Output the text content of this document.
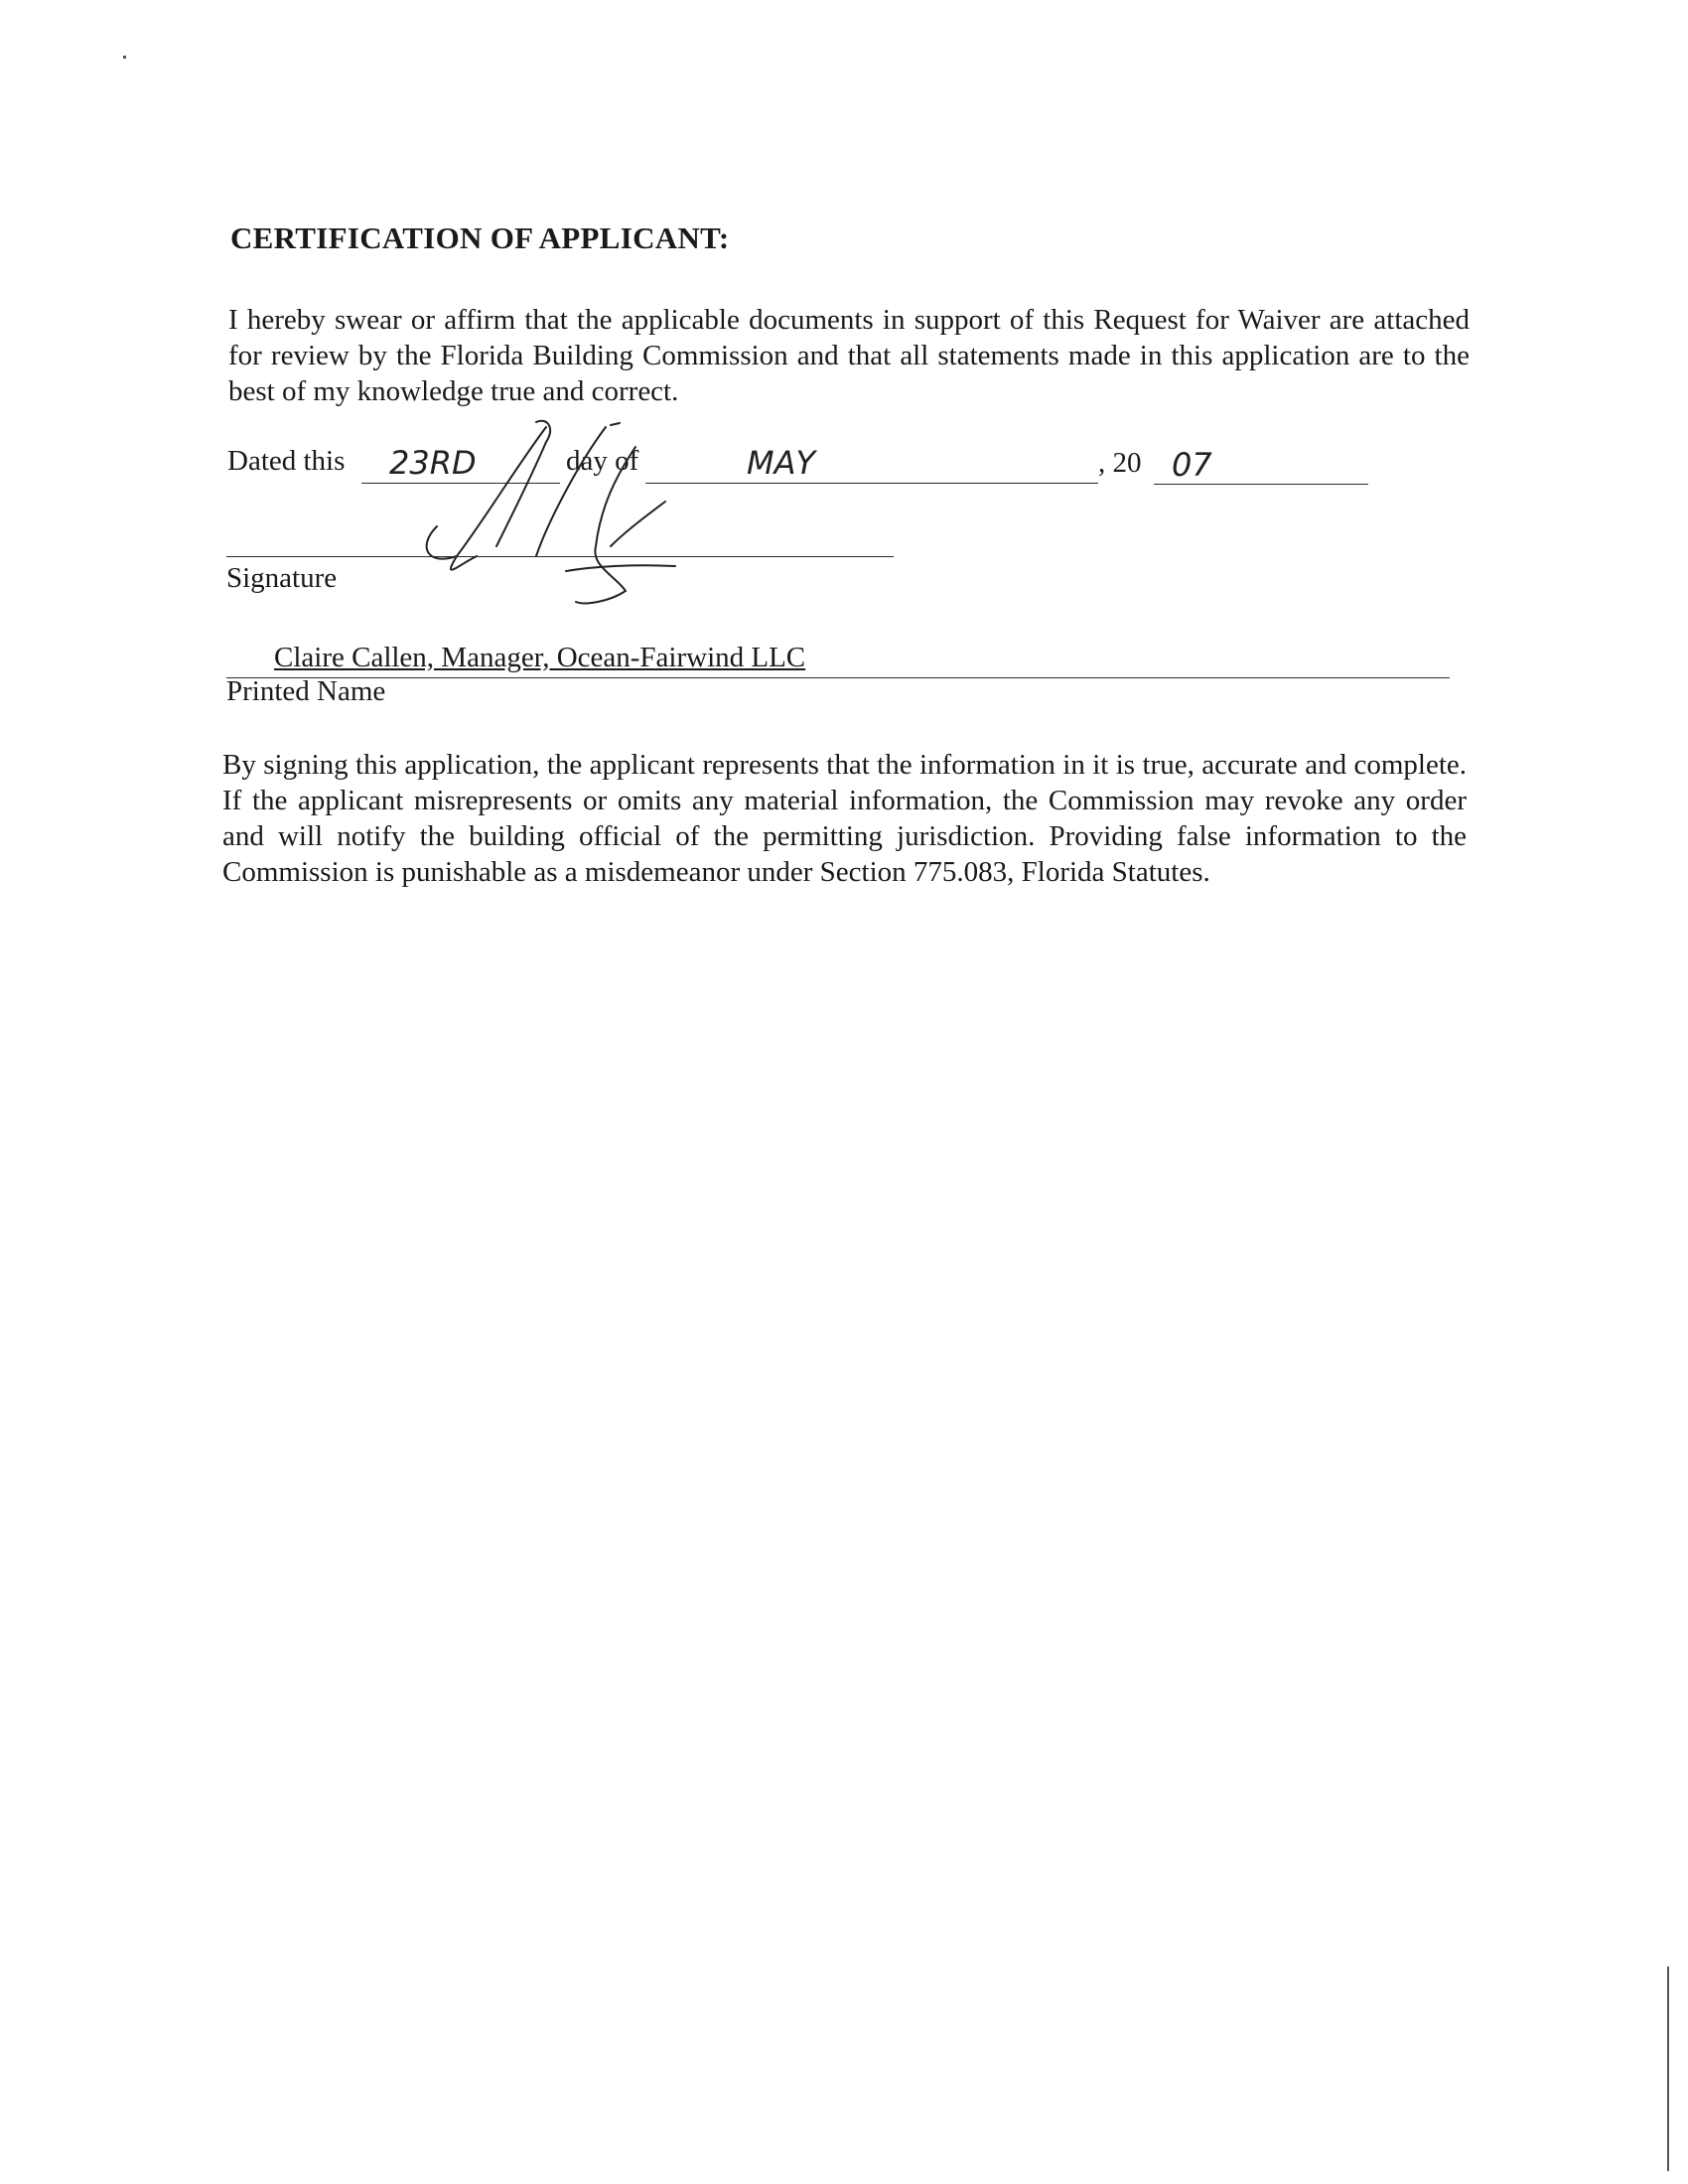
CERTIFICATION OF APPLICANT:
I hereby swear or affirm that the applicable documents in support of this Request for Waiver are attached for review by the Florida Building Commission and that all statements made in this application are to the best of my knowledge true and correct.
Dated this 23RD	day of	MAY	, 20 07
Signature
Claire Callen, Manager, Ocean-Fairwind LLC
Printed Name
By signing this application, the applicant represents that the information in it is true, accurate and complete. If the applicant misrepresents or omits any material information, the Commission may revoke any order and will notify the building official of the permitting jurisdiction. Providing false information to the Commission is punishable as a misdemeanor under Section 775.083, Florida Statutes.
